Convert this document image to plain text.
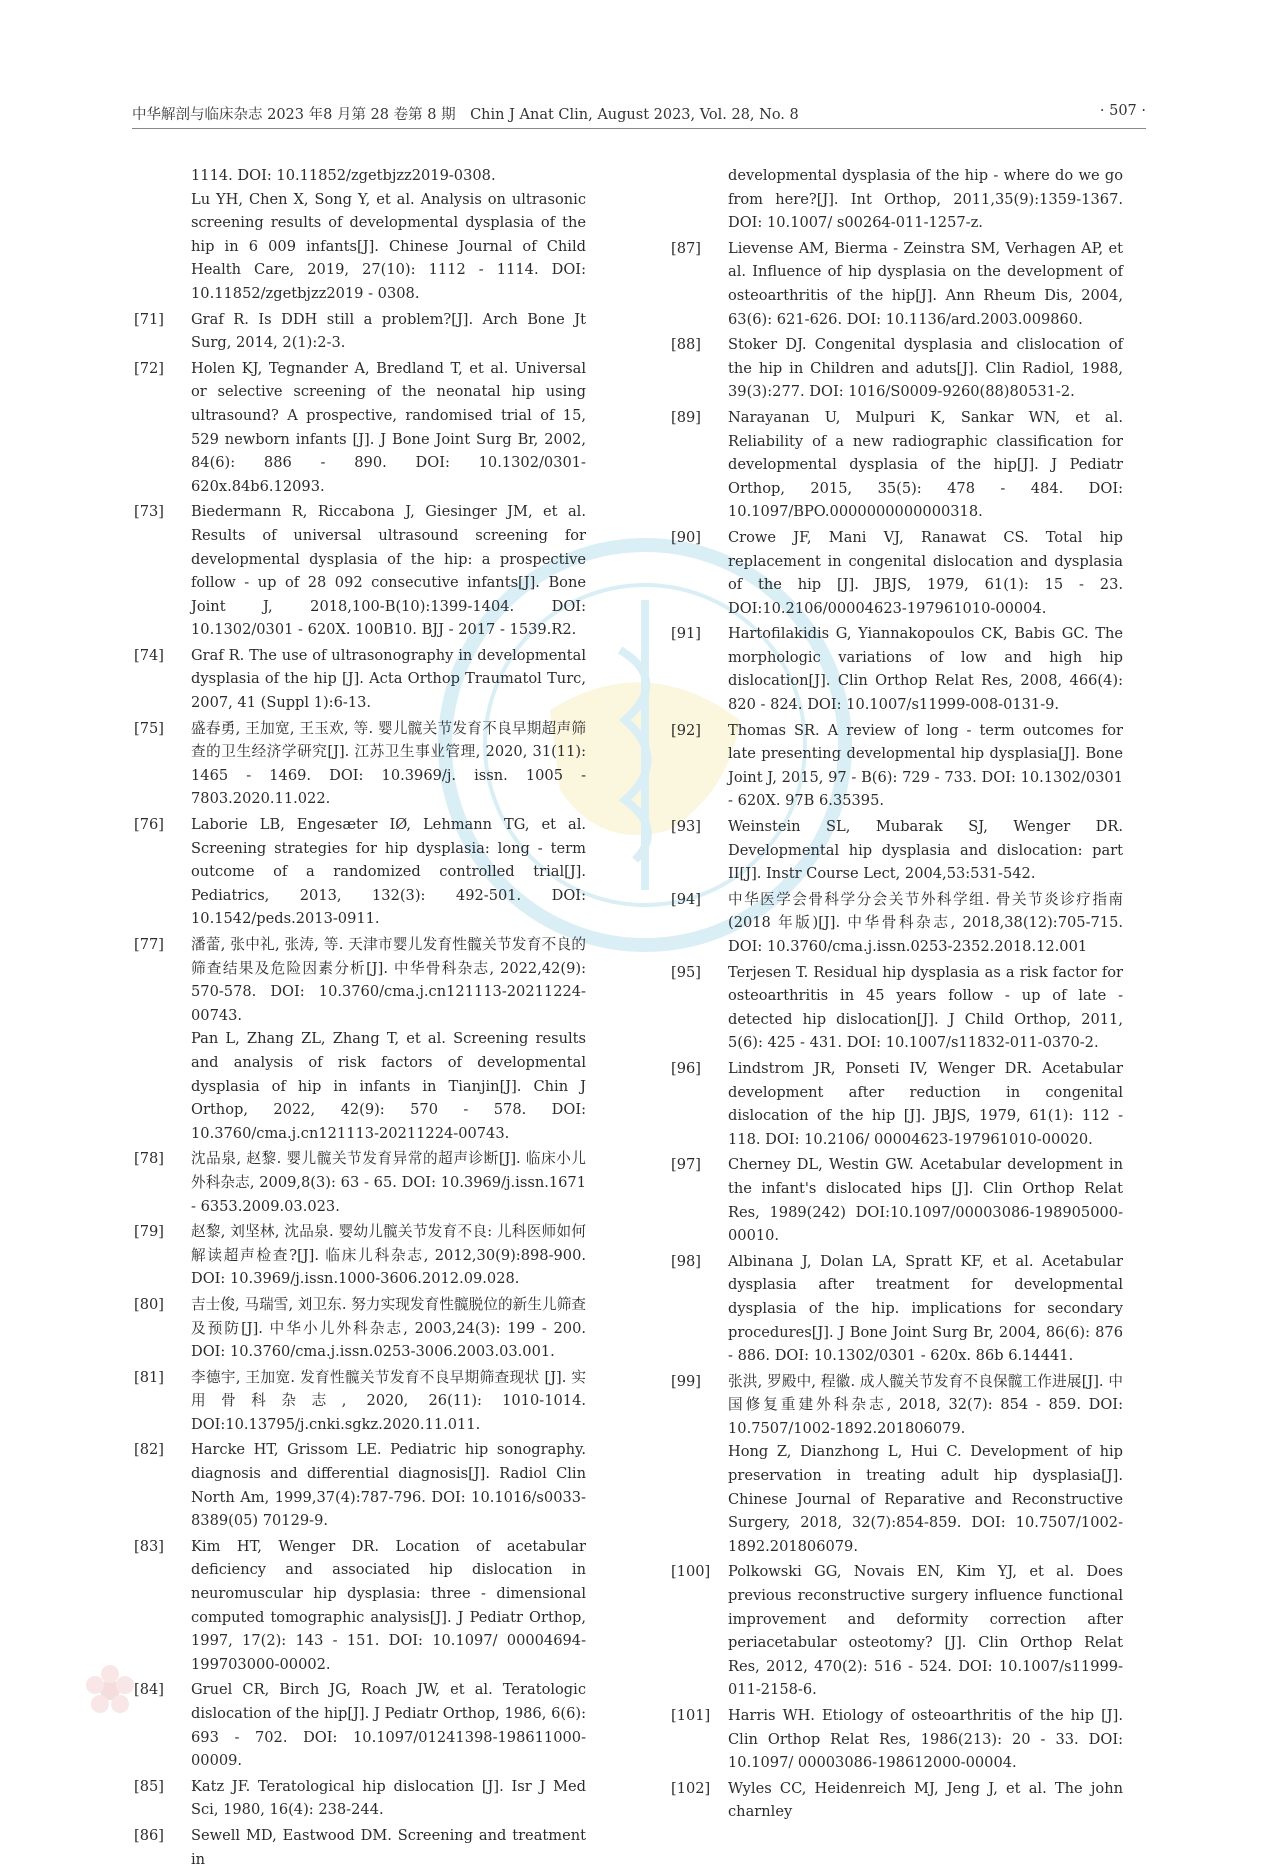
中华解剖与临床杂志 2023 年8 月第 28 卷第 8 期　Chin J Anat Clin, August 2023, Vol. 28, No. 8	· 507 ·
1114. DOI: 10.11852/zgetbjzz2019-0308.
Lu YH, Chen X, Song Y, et al. Analysis on ultrasonic screening results of developmental dysplasia of the hip in 6 009 infants[J]. Chinese Journal of Child Health Care, 2019, 27(10): 1112 - 1114. DOI: 10.11852/zgetbjzz2019 - 0308.
[71] Graf R. Is DDH still a problem?[J]. Arch Bone Jt Surg, 2014, 2(1):2-3.
[72] Holen KJ, Tegnander A, Bredland T, et al. Universal or selective screening of the neonatal hip using ultrasound? A prospective, randomised trial of 15, 529 newborn infants [J]. J Bone Joint Surg Br, 2002, 84(6): 886 - 890. DOI: 10.1302/0301-620x.84b6.12093.
[73] Biedermann R, Riccabona J, Giesinger JM, et al. Results of universal ultrasound screening for developmental dysplasia of the hip: a prospective follow - up of 28 092 consecutive infants[J]. Bone Joint J, 2018,100-B(10):1399-1404. DOI: 10.1302/0301 - 620X. 100B10. BJJ - 2017 - 1539.R2.
[74] Graf R. The use of ultrasonography in developmental dysplasia of the hip [J]. Acta Orthop Traumatol Turc, 2007, 41 (Suppl 1):6-13.
[75] 盛春勇, 王加宽, 王玉欢, 等. 婴儿髋关节发育不良早期超声筛查的卫生经济学研究[J]. 江苏卫生事业管理, 2020, 31(11): 1465 - 1469. DOI: 10.3969/j. issn. 1005 - 7803.2020.11.022.
[76] Laborie LB, Engesæter IØ, Lehmann TG, et al. Screening strategies for hip dysplasia: long - term outcome of a randomized controlled trial[J]. Pediatrics, 2013, 132(3): 492-501. DOI: 10.1542/peds.2013-0911.
[77] 潘蕾, 张中礼, 张涛, 等. 天津市婴儿发育性髋关节发育不良的筛查结果及危险因素分析[J]. 中华骨科杂志, 2022,42(9): 570-578. DOI: 10.3760/cma.j.cn121113-20211224-00743.
Pan L, Zhang ZL, Zhang T, et al. Screening results and analysis of risk factors of developmental dysplasia of hip in infants in Tianjin[J]. Chin J Orthop, 2022, 42(9): 570 - 578. DOI: 10.3760/cma.j.cn121113-20211224-00743.
[78] 沈品泉, 赵黎. 婴儿髋关节发育异常的超声诊断[J]. 临床小儿外科杂志, 2009,8(3): 63 - 65. DOI: 10.3969/j.issn.1671 - 6353.2009.03.023.
[79] 赵黎, 刘坚林, 沈品泉. 婴幼儿髋关节发育不良: 儿科医师如何解读超声检查?[J]. 临床儿科杂志, 2012,30(9):898-900. DOI: 10.3969/j.issn.1000-3606.2012.09.028.
[80] 吉士俊, 马瑞雪, 刘卫东. 努力实现发育性髋脱位的新生儿筛查及预防[J]. 中华小儿外科杂志, 2003,24(3): 199 - 200. DOI: 10.3760/cma.j.issn.0253-3006.2003.03.001.
[81] 李德宇, 王加宽. 发育性髋关节发育不良早期筛查现状 [J]. 实用骨科杂志, 2020, 26(11): 1010-1014. DOI:10.13795/j.cnki.sgkz.2020.11.011.
[82] Harcke HT, Grissom LE. Pediatric hip sonography. diagnosis and differential diagnosis[J]. Radiol Clin North Am, 1999,37(4):787-796. DOI: 10.1016/s0033-8389(05) 70129-9.
[83] Kim HT, Wenger DR. Location of acetabular deficiency and associated hip dislocation in neuromuscular hip dysplasia: three - dimensional computed tomographic analysis[J]. J Pediatr Orthop, 1997, 17(2): 143 - 151. DOI: 10.1097/ 00004694-199703000-00002.
[84] Gruel CR, Birch JG, Roach JW, et al. Teratologic dislocation of the hip[J]. J Pediatr Orthop, 1986, 6(6): 693 - 702. DOI: 10.1097/01241398-198611000-00009.
[85] Katz JF. Teratological hip dislocation [J]. Isr J Med Sci, 1980, 16(4): 238-244.
[86] Sewell MD, Eastwood DM. Screening and treatment in
developmental dysplasia of the hip - where do we go from here?[J]. Int Orthop, 2011,35(9):1359-1367. DOI: 10.1007/ s00264-011-1257-z.
[87] Lievense AM, Bierma - Zeinstra SM, Verhagen AP, et al. Influence of hip dysplasia on the development of osteoarthritis of the hip[J]. Ann Rheum Dis, 2004, 63(6): 621-626. DOI: 10.1136/ard.2003.009860.
[88] Stoker DJ. Congenital dysplasia and clislocation of the hip in Children and aduts[J]. Clin Radiol, 1988, 39(3):277. DOI: 1016/S0009-9260(88)80531-2.
[89] Narayanan U, Mulpuri K, Sankar WN, et al. Reliability of a new radiographic classification for developmental dysplasia of the hip[J]. J Pediatr Orthop, 2015, 35(5): 478 - 484. DOI: 10.1097/BPO.0000000000000318.
[90] Crowe JF, Mani VJ, Ranawat CS. Total hip replacement in congenital dislocation and dysplasia of the hip [J]. JBJS, 1979, 61(1): 15 - 23. DOI:10.2106/00004623-197961010-00004.
[91] Hartofilakidis G, Yiannakopoulos CK, Babis GC. The morphologic variations of low and high hip dislocation[J]. Clin Orthop Relat Res, 2008, 466(4): 820 - 824. DOI: 10.1007/s11999-008-0131-9.
[92] Thomas SR. A review of long - term outcomes for late presenting developmental hip dysplasia[J]. Bone Joint J, 2015, 97 - B(6): 729 - 733. DOI: 10.1302/0301 - 620X. 97B 6.35395.
[93] Weinstein SL, Mubarak SJ, Wenger DR. Developmental hip dysplasia and dislocation: part II[J]. Instr Course Lect, 2004,53:531-542.
[94] 中华医学会骨科学分会关节外科学组. 骨关节炎诊疗指南 (2018 年版)[J]. 中华骨科杂志, 2018,38(12):705-715. DOI: 10.3760/cma.j.issn.0253-2352.2018.12.001
[95] Terjesen T. Residual hip dysplasia as a risk factor for osteoarthritis in 45 years follow - up of late - detected hip dislocation[J]. J Child Orthop, 2011, 5(6): 425 - 431. DOI: 10.1007/s11832-011-0370-2.
[96] Lindstrom JR, Ponseti IV, Wenger DR. Acetabular development after reduction in congenital dislocation of the hip [J]. JBJS, 1979, 61(1): 112 - 118. DOI: 10.2106/ 00004623-197961010-00020.
[97] Cherney DL, Westin GW. Acetabular development in the infant's dislocated hips [J]. Clin Orthop Relat Res, 1989(242) DOI:10.1097/00003086-198905000-00010.
[98] Albinana J, Dolan LA, Spratt KF, et al. Acetabular dysplasia after treatment for developmental dysplasia of the hip. implications for secondary procedures[J]. J Bone Joint Surg Br, 2004, 86(6): 876 - 886. DOI: 10.1302/0301 - 620x. 86b 6.14441.
[99] 张洪, 罗殿中, 程徽. 成人髋关节发育不良保髋工作进展[J]. 中国修复重建外科杂志, 2018, 32(7): 854 - 859. DOI: 10.7507/1002-1892.201806079.
Hong Z, Dianzhong L, Hui C. Development of hip preservation in treating adult hip dysplasia[J]. Chinese Journal of Reparative and Reconstructive Surgery, 2018, 32(7):854-859. DOI: 10.7507/1002-1892.201806079.
[100] Polkowski GG, Novais EN, Kim YJ, et al. Does previous reconstructive surgery influence functional improvement and deformity correction after periacetabular osteotomy? [J]. Clin Orthop Relat Res, 2012, 470(2): 516 - 524. DOI: 10.1007/s11999-011-2158-6.
[101] Harris WH. Etiology of osteoarthritis of the hip [J]. Clin Orthop Relat Res, 1986(213): 20 - 33. DOI: 10.1097/ 00003086-198612000-00004.
[102] Wyles CC, Heidenreich MJ, Jeng J, et al. The john charnley
